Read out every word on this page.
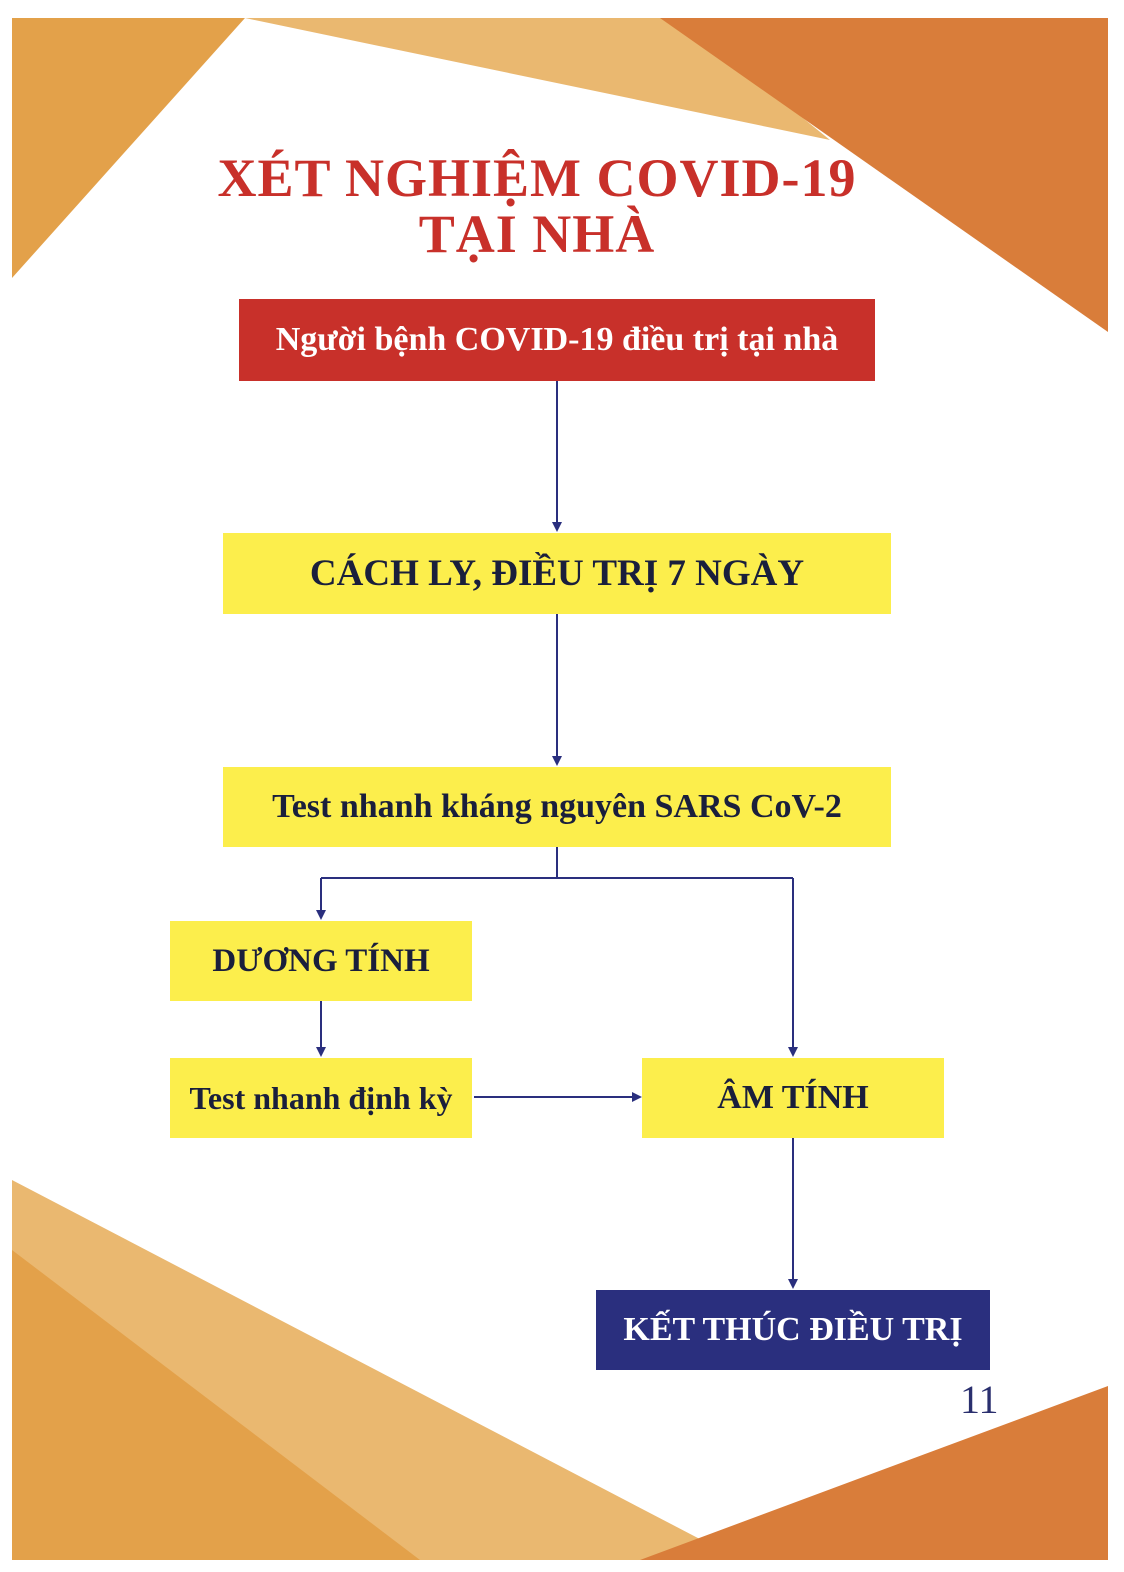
XÉT NGHIỆM COVID-19
TẠI NHÀ
Người bệnh COVID-19 điều trị tại nhà
CÁCH LY, ĐIỀU TRỊ 7 NGÀY
Test nhanh kháng nguyên SARS CoV-2
DƯƠNG TÍNH
Test nhanh định kỳ	ÂM TÍNH
KẾT THÚC ĐIỀU TRỊ
11
